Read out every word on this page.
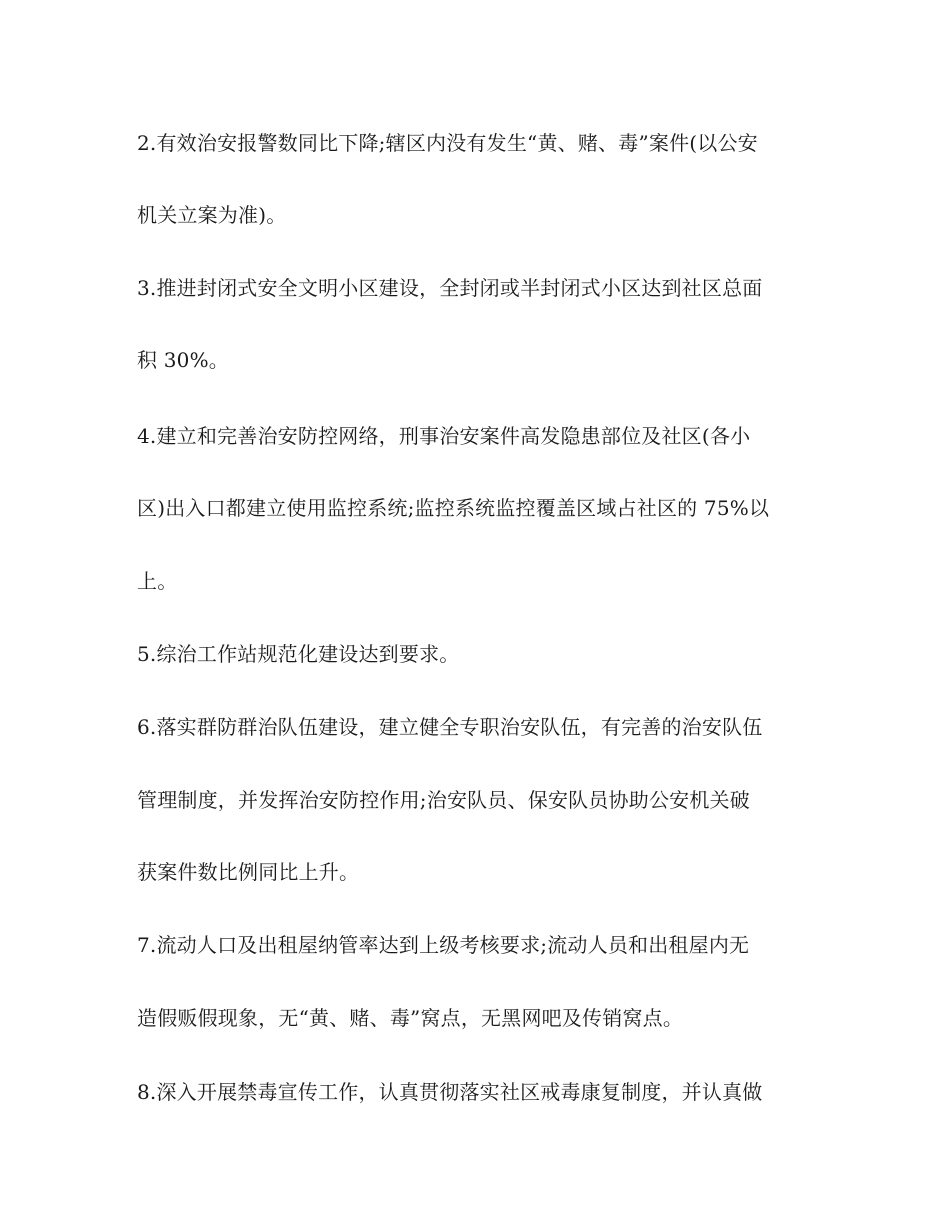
2.有效治安报警数同比下降;辖区内没有发生“黄、赌、毒”案件(以公安
机关立案为准)。
3.推进封闭式安全文明小区建设，全封闭或半封闭式小区达到社区总面
积 30%。
4.建立和完善治安防控网络，刑事治安案件高发隐患部位及社区(各小
区)出入口都建立使用监控系统;监控系统监控覆盖区域占社区的 75%以
上。
5.综治工作站规范化建设达到要求。
6.落实群防群治队伍建设，建立健全专职治安队伍，有完善的治安队伍
管理制度，并发挥治安防控作用;治安队员、保安队员协助公安机关破
获案件数比例同比上升。
7.流动人口及出租屋纳管率达到上级考核要求;流动人员和出租屋内无
造假贩假现象，无“黄、赌、毒”窝点，无黑网吧及传销窝点。
8.深入开展禁毒宣传工作，认真贯彻落实社区戒毒康复制度，并认真做
